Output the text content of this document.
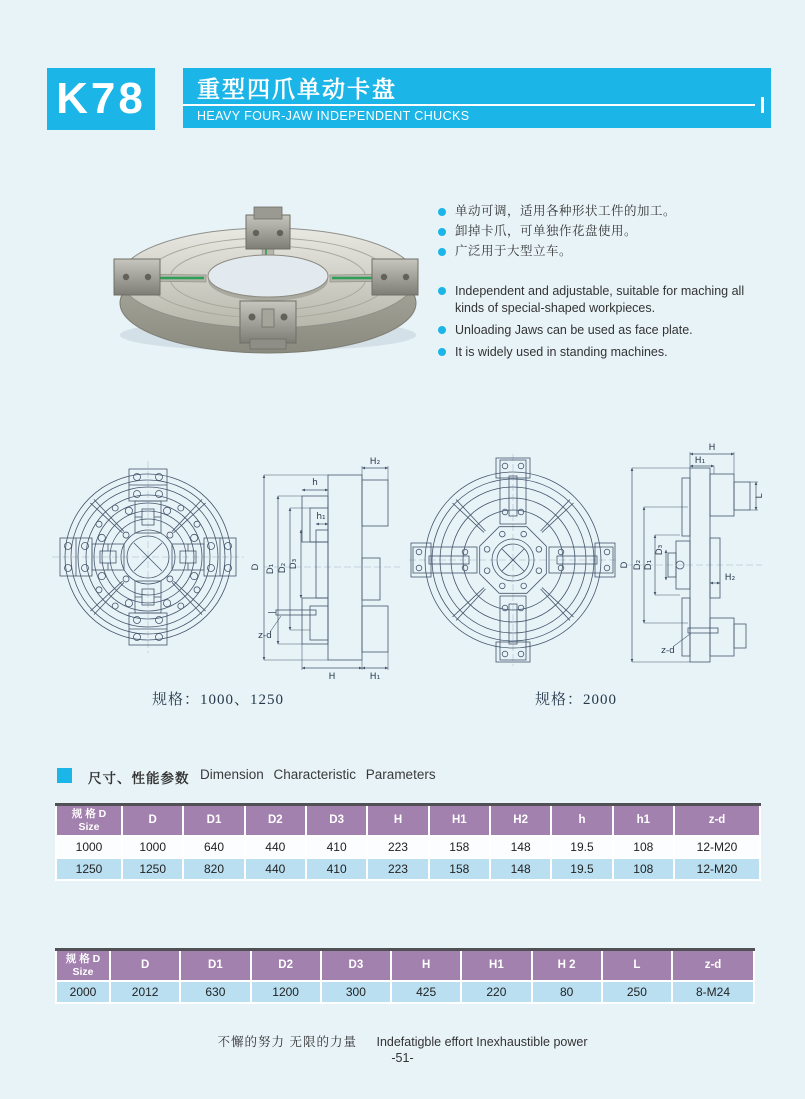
K78	重型四爪单动卡盘
HEAVY FOUR-JAW INDEPENDENT CHUCKS
单动可调，适用各种形状工件的加工。
卸掉卡爪，可单独作花盘使用。
广泛用于大型立车。
Independent and adjustable, suitable for maching all kinds of special-shaped workpieces.
Unloading Jaws can be used as face plate.
It is widely used in standing machines.
D D₁ D₂ D₃
H₂
h
h₁
z-d
H	H₁
D D₂ D₁
D₃
H
H₁
H₂
L
z-d
规格：1000、1250	规格：2000
尺寸、性能参数 Dimension Characteristic Parameters
规 格 D
Size	D	D1	D2	D3	H	H1	H2	h	h1	z-d
1000	1000	640	440	410	223	158	148	19.5	108	12-M20
1250	1250	820	440	410	223	158	148	19.5	108	12-M20
规 格 D
Size	D	D1	D2	D3	H	H1	H 2	L	z-d
2000	2012	630	1200	300	425	220	80	250	8-M24
不懈的努力 无限的力量 Indefatigble effort Inexhaustible power
-51-
